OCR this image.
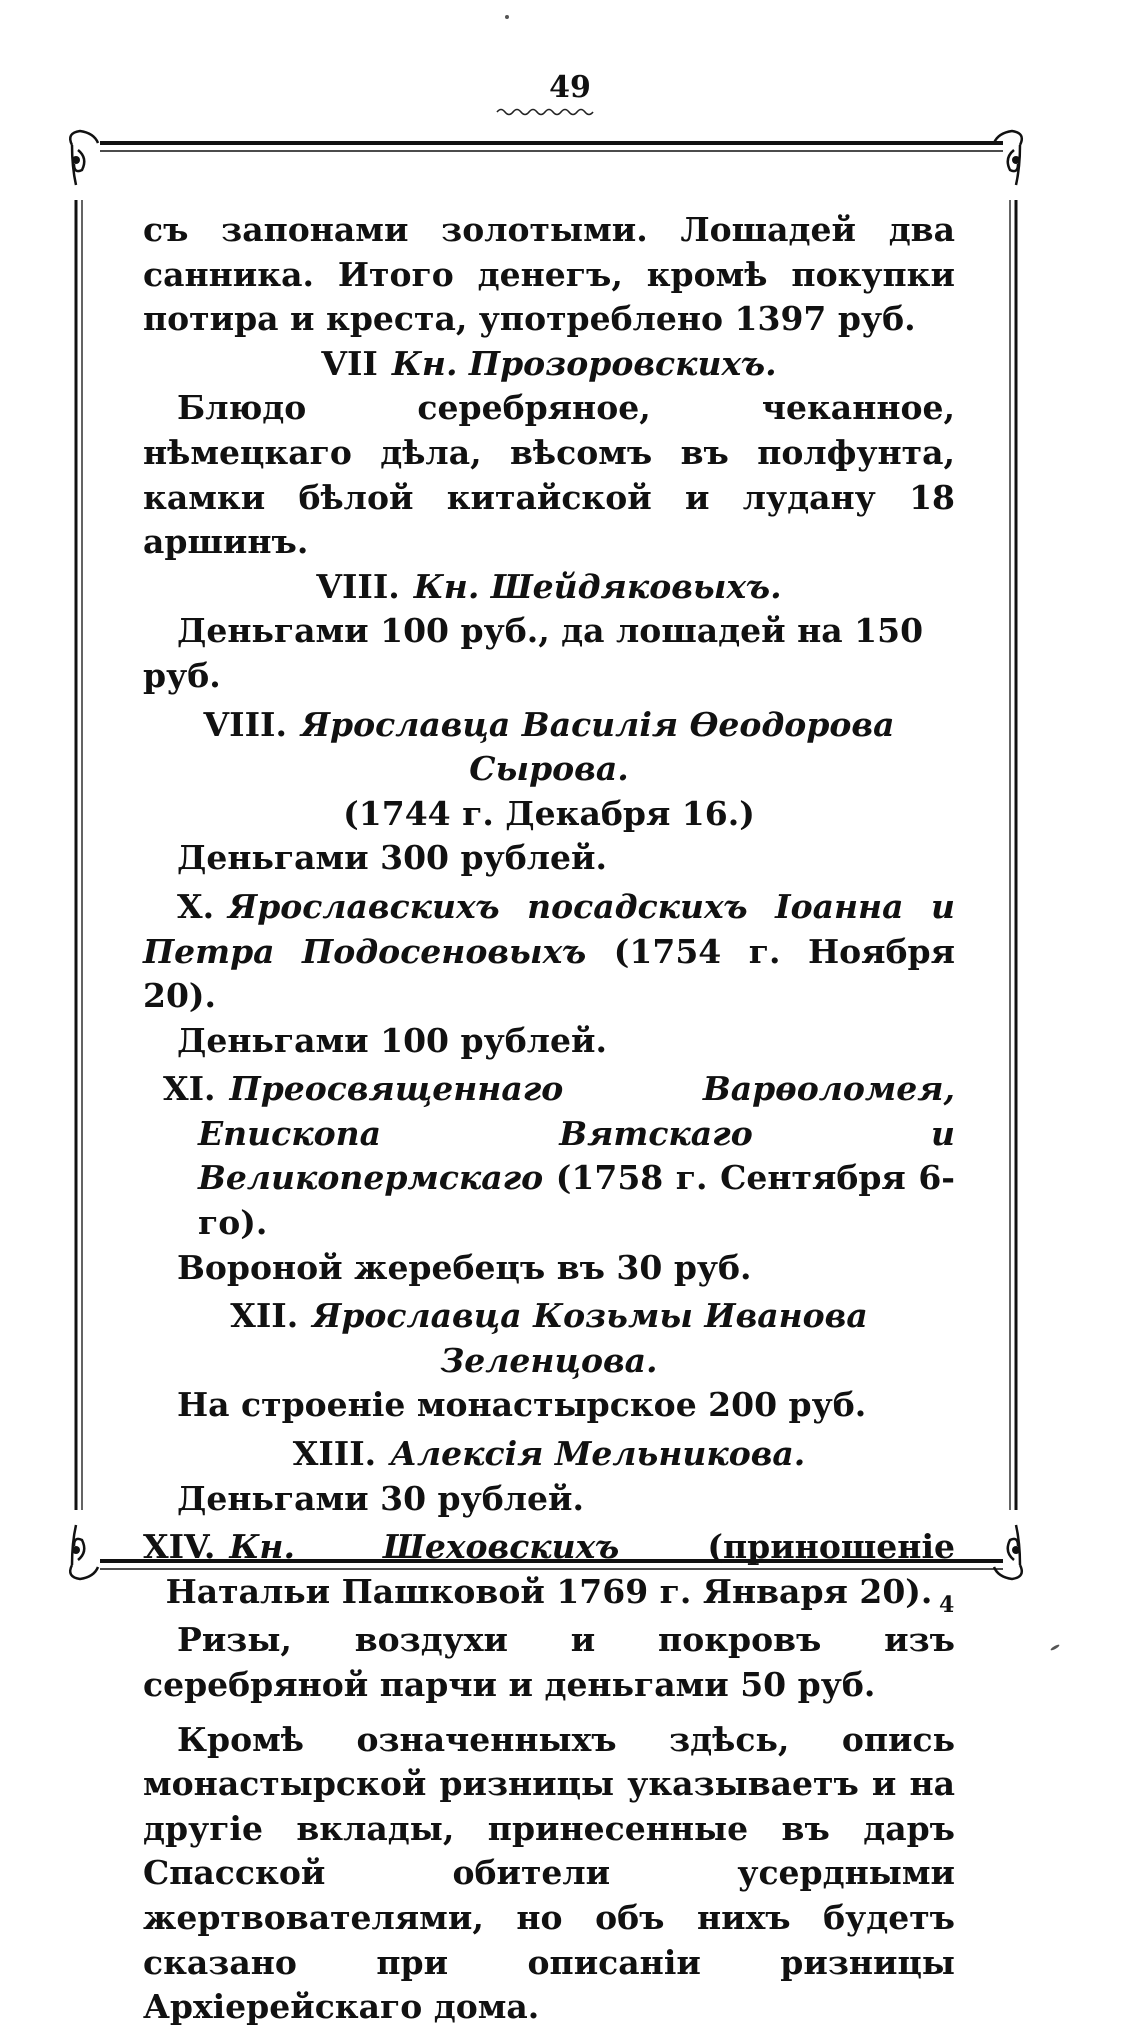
49

съ запонами золотыми. Лошадей два санника. Итого денегъ, кромѣ покупки потира и креста, употреблено 1397 руб.

VII Кн. Прозоровскихъ.

Блюдо серебряное, чеканное, нѣмецкаго дѣла, вѣсомъ въ полфунта, камки бѣлой китайской и лудану 18 аршинъ.

VIII. Кн. Шейдяковыхъ.

Деньгами 100 руб., да лошадей на 150 руб.

VIII. Ярославца Василія Ѳеодорова Сырова.

(1744 г. Декабря 16.)

Деньгами 300 рублей.

X. Ярославскихъ посадскихъ Іоанна и Петра Подосеновыхъ (1754 г. Ноября 20).

Деньгами 100 рублей.

XI. Преосвященнаго Варѳоломея, Епископа Вятскаго и Великопермскаго (1758 г. Сентября 6-го).

Вороной жеребецъ въ 30 руб.

XII. Ярославца Козьмы Иванова Зеленцова.

На строеніе монастырское 200 руб.

XIII. Алексія Мельникова.

Деньгами 30 рублей.

XIV. Кн. Шеховскихъ	(приношеніе Натальи Пашковой 1769 г. Января 20).

Ризы, воздухи и покровъ изъ серебряной парчи и деньгами 50 руб.

Кромѣ означенныхъ здѣсь, опись монастырской ризницы указываетъ и на другіе вклады, принесенные въ даръ Спасской обители усердными жертвователями, но объ нихъ будетъ сказано при описаніи ризницы Архіерейскаго дома.

4
